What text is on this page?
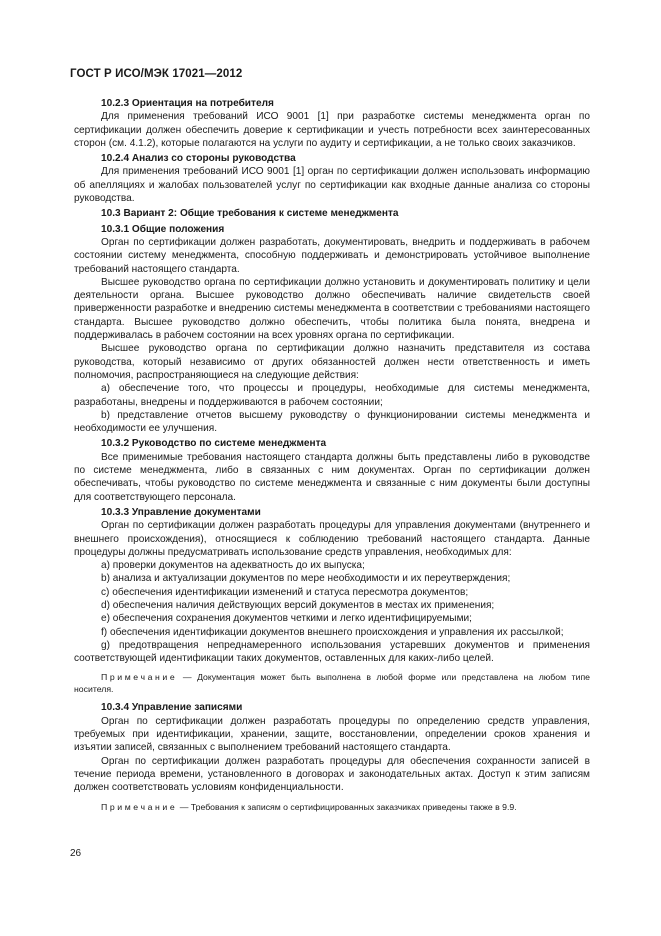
ГОСТ Р ИСО/МЭК 17021—2012

10.2.3 Ориентация на потребителя

Для применения требований ИСО 9001 [1] при разработке системы менеджмента орган по сертификации должен обеспечить доверие к сертификации и учесть потребности всех заинтересованных сторон (см. 4.1.2), которые полагаются на услуги по аудиту и сертификации, а не только своих заказчиков.

10.2.4 Анализ со стороны руководства

Для применения требований ИСО 9001 [1] орган по сертификации должен использовать информацию об апелляциях и жалобах пользователей услуг по сертификации как входные данные анализа со стороны руководства.

10.3 Вариант 2: Общие требования к системе менеджмента

10.3.1 Общие положения

Орган по сертификации должен разработать, документировать, внедрить и поддерживать в рабочем состоянии систему менеджмента, способную поддерживать и демонстрировать устойчивое выполнение требований настоящего стандарта.

Высшее руководство органа по сертификации должно установить и документировать политику и цели деятельности органа. Высшее руководство должно обеспечивать наличие свидетельств своей приверженности разработке и внедрению системы менеджмента в соответствии с требованиями настоящего стандарта. Высшее руководство должно обеспечить, чтобы политика была понята, внедрена и поддерживалась в рабочем состоянии на всех уровнях органа по сертификации.

Высшее руководство органа по сертификации должно назначить представителя из состава руководства, который независимо от других обязанностей должен нести ответственность и иметь полномочия, распространяющиеся на следующие действия:

a) обеспечение того, что процессы и процедуры, необходимые для системы менеджмента, разработаны, внедрены и поддерживаются в рабочем состоянии;

b) представление отчетов высшему руководству о функционировании системы менеджмента и необходимости ее улучшения.

10.3.2 Руководство по системе менеджмента

Все применимые требования настоящего стандарта должны быть представлены либо в руководстве по системе менеджмента, либо в связанных с ним документах. Орган по сертификации должен обеспечивать, чтобы руководство по системе менеджмента и связанные с ним документы были доступны для соответствующего персонала.

10.3.3 Управление документами

Орган по сертификации должен разработать процедуры для управления документами (внутреннего и внешнего происхождения), относящиеся к соблюдению требований настоящего стандарта. Данные процедуры должны предусматривать использование средств управления, необходимых для:

a) проверки документов на адекватность до их выпуска;

b) анализа и актуализации документов по мере необходимости и их переутверждения;

c) обеспечения идентификации изменений и статуса пересмотра документов;

d) обеспечения наличия действующих версий документов в местах их применения;

e) обеспечения сохранения документов четкими и легко идентифицируемыми;

f) обеспечения идентификации документов внешнего происхождения и управления их рассылкой;

g) предотвращения непреднамеренного использования устаревших документов и применения соответствующей идентификации таких документов, оставленных для каких-либо целей.

Примечание — Документация может быть выполнена в любой форме или представлена на любом типе носителя.

10.3.4 Управление записями

Орган по сертификации должен разработать процедуры по определению средств управления, требуемых при идентификации, хранении, защите, восстановлении, определении сроков хранения и изъятии записей, связанных с выполнением требований настоящего стандарта.

Орган по сертификации должен разработать процедуры для обеспечения сохранности записей в течение периода времени, установленного в договорах и законодательных актах. Доступ к этим записям должен соответствовать условиям конфиденциальности.

Примечание — Требования к записям о сертифицированных заказчиках приведены также в 9.9.

26
